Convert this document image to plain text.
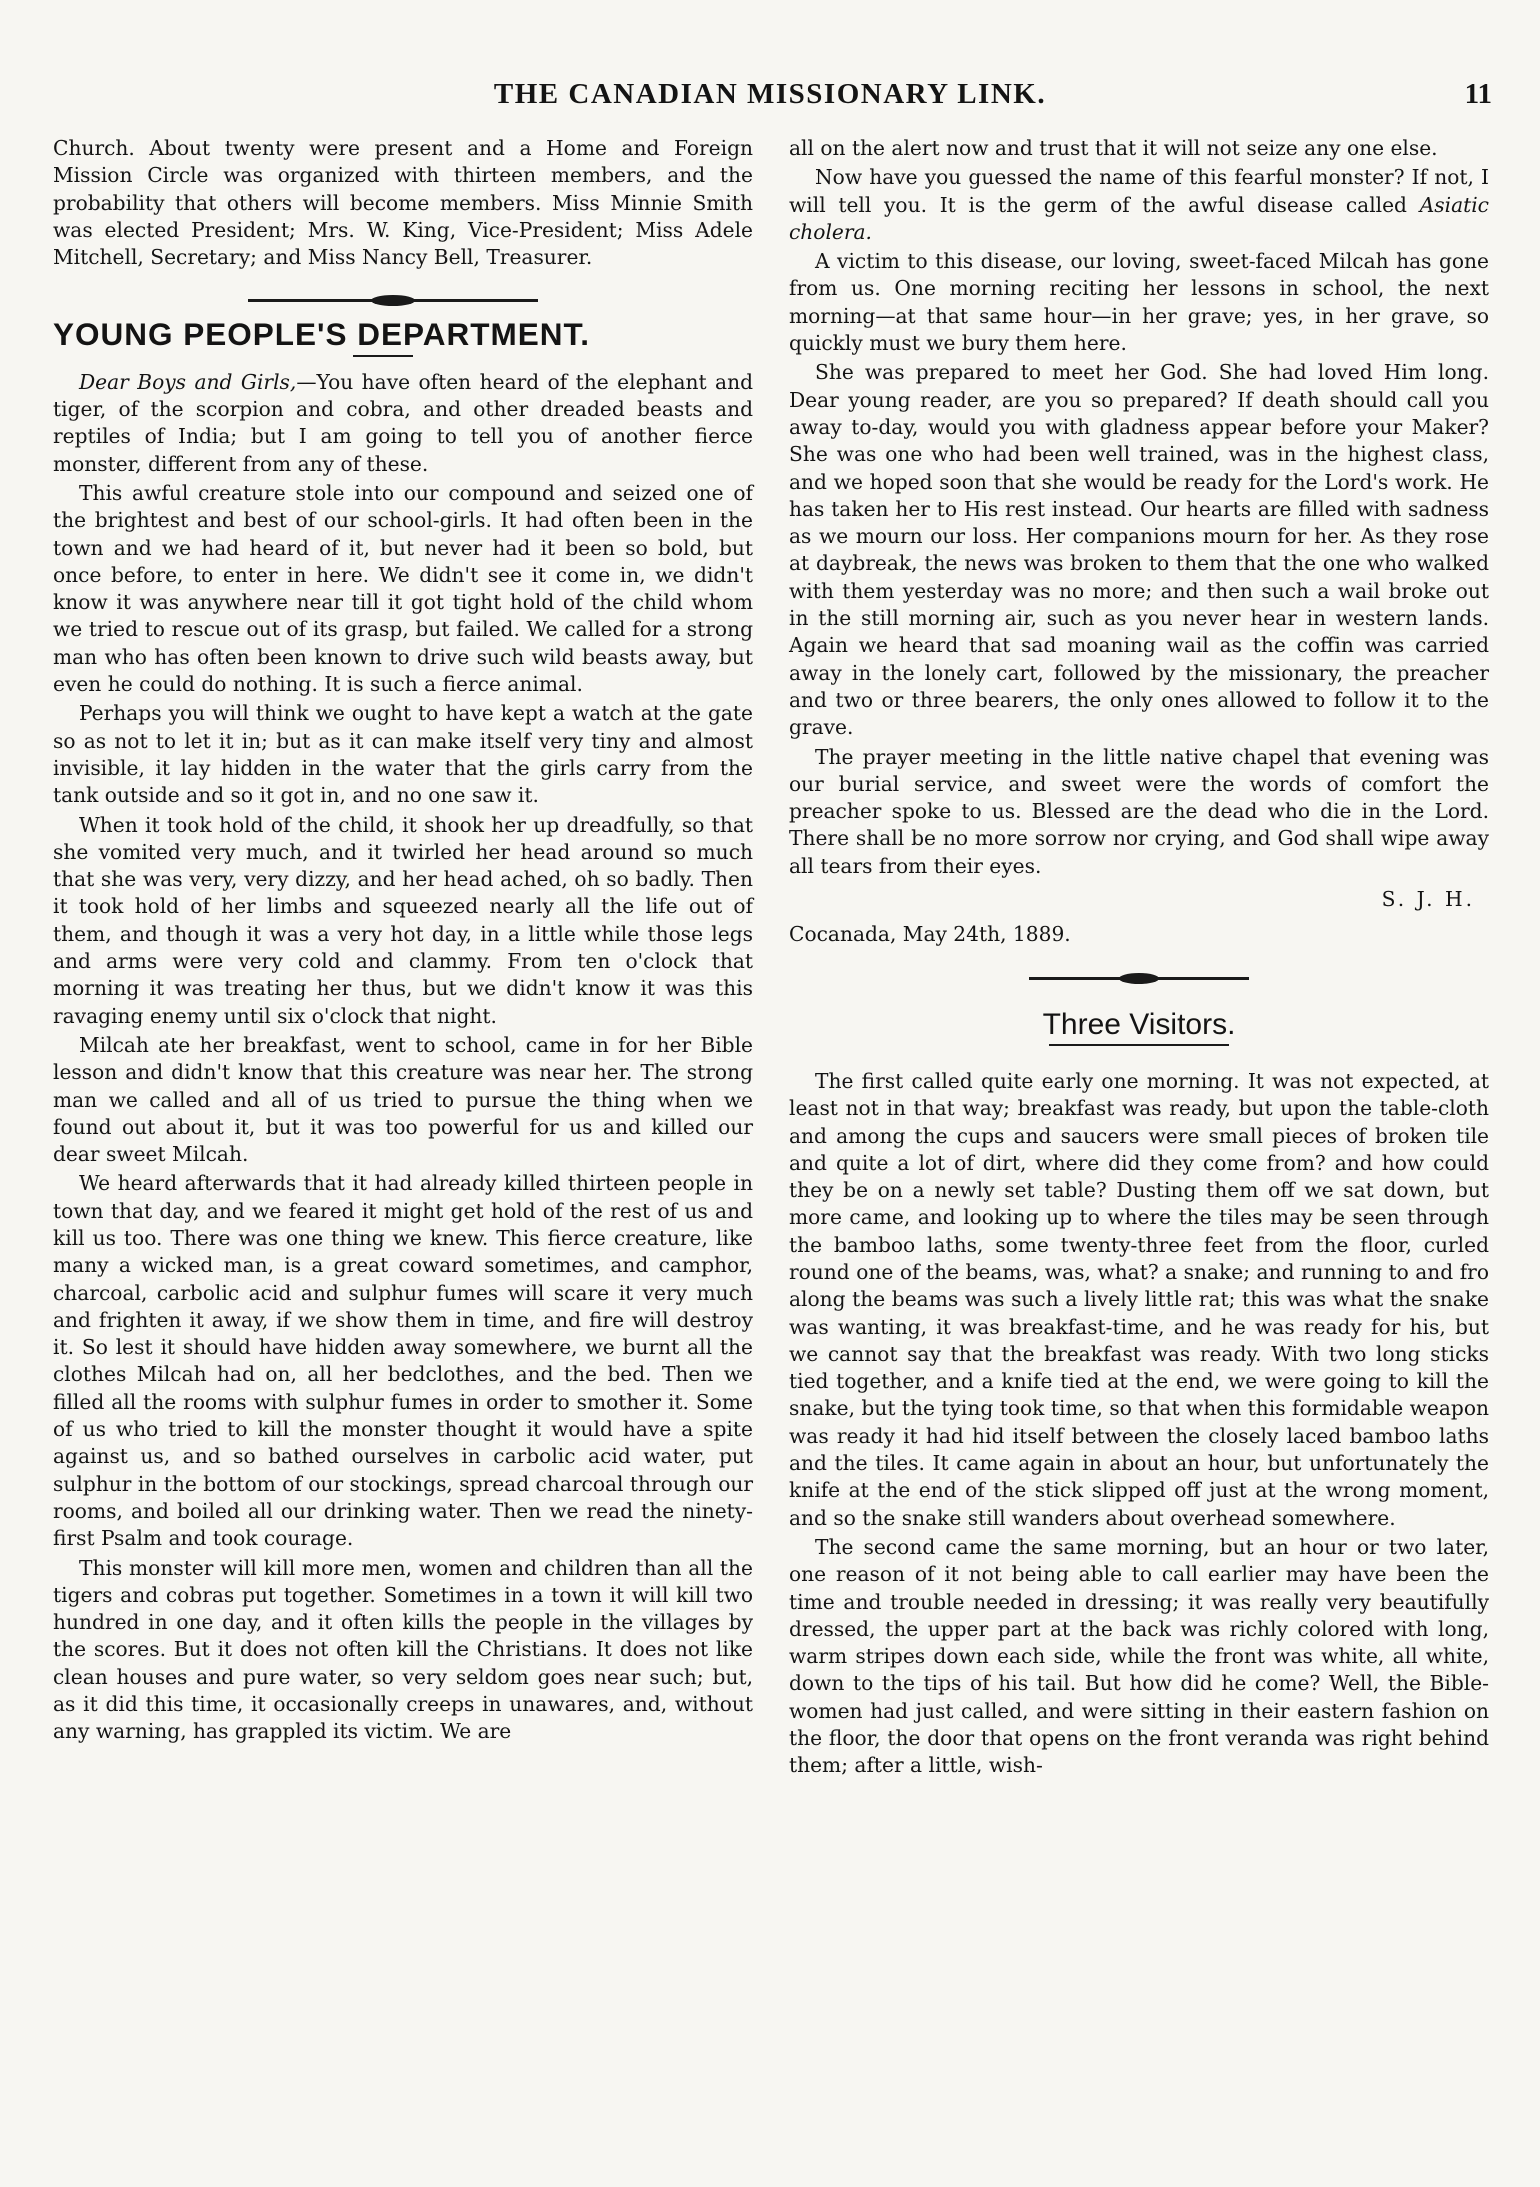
THE CANADIAN MISSIONARY LINK.	11

Church. About twenty were present and a Home and Foreign Mission Circle was organized with thirteen members, and the probability that others will become members. Miss Minnie Smith was elected President; Mrs. W. King, Vice-President; Miss Adele Mitchell, Secretary; and Miss Nancy Bell, Treasurer.

YOUNG PEOPLE'S DEPARTMENT.

Dear Boys and Girls,—You have often heard of the elephant and tiger, of the scorpion and cobra, and other dreaded beasts and reptiles of India; but I am going to tell you of another fierce monster, different from any of these.

This awful creature stole into our compound and seized one of the brightest and best of our school-girls. It had often been in the town and we had heard of it, but never had it been so bold, but once before, to enter in here. We didn't see it come in, we didn't know it was anywhere near till it got tight hold of the child whom we tried to rescue out of its grasp, but failed. We called for a strong man who has often been known to drive such wild beasts away, but even he could do nothing. It is such a fierce animal.

Perhaps you will think we ought to have kept a watch at the gate so as not to let it in; but as it can make itself very tiny and almost invisible, it lay hidden in the water that the girls carry from the tank outside and so it got in, and no one saw it.

When it took hold of the child, it shook her up dreadfully, so that she vomited very much, and it twirled her head around so much that she was very, very dizzy, and her head ached, oh so badly. Then it took hold of her limbs and squeezed nearly all the life out of them, and though it was a very hot day, in a little while those legs and arms were very cold and clammy. From ten o'clock that morning it was treating her thus, but we didn't know it was this ravaging enemy until six o'clock that night.

Milcah ate her breakfast, went to school, came in for her Bible lesson and didn't know that this creature was near her. The strong man we called and all of us tried to pursue the thing when we found out about it, but it was too powerful for us and killed our dear sweet Milcah.

We heard afterwards that it had already killed thirteen people in town that day, and we feared it might get hold of the rest of us and kill us too. There was one thing we knew. This fierce creature, like many a wicked man, is a great coward sometimes, and camphor, charcoal, carbolic acid and sulphur fumes will scare it very much and frighten it away, if we show them in time, and fire will destroy it. So lest it should have hidden away somewhere, we burnt all the clothes Milcah had on, all her bedclothes, and the bed. Then we filled all the rooms with sulphur fumes in order to smother it. Some of us who tried to kill the monster thought it would have a spite against us, and so bathed ourselves in carbolic acid water, put sulphur in the bottom of our stockings, spread charcoal through our rooms, and boiled all our drinking water. Then we read the ninety-first Psalm and took courage.

This monster will kill more men, women and children than all the tigers and cobras put together. Sometimes in a town it will kill two hundred in one day, and it often kills the people in the villages by the scores. But it does not often kill the Christians. It does not like clean houses and pure water, so very seldom goes near such; but, as it did this time, it occasionally creeps in unawares, and, without any warning, has grappled its victim. We are

all on the alert now and trust that it will not seize any one else.

Now have you guessed the name of this fearful monster? If not, I will tell you. It is the germ of the awful disease called Asiatic cholera.

A victim to this disease, our loving, sweet-faced Milcah has gone from us. One morning reciting her lessons in school, the next morning—at that same hour—in her grave; yes, in her grave, so quickly must we bury them here.

She was prepared to meet her God. She had loved Him long. Dear young reader, are you so prepared? If death should call you away to-day, would you with gladness appear before your Maker? She was one who had been well trained, was in the highest class, and we hoped soon that she would be ready for the Lord's work. He has taken her to His rest instead. Our hearts are filled with sadness as we mourn our loss. Her companions mourn for her. As they rose at daybreak, the news was broken to them that the one who walked with them yesterday was no more; and then such a wail broke out in the still morning air, such as you never hear in western lands. Again we heard that sad moaning wail as the coffin was carried away in the lonely cart, followed by the missionary, the preacher and two or three bearers, the only ones allowed to follow it to the grave.

The prayer meeting in the little native chapel that evening was our burial service, and sweet were the words of comfort the preacher spoke to us. Blessed are the dead who die in the Lord. There shall be no more sorrow nor crying, and God shall wipe away all tears from their eyes.

S. J. H.
Cocanada, May 24th, 1889.
Three Visitors.

The first called quite early one morning. It was not expected, at least not in that way; breakfast was ready, but upon the table-cloth and among the cups and saucers were small pieces of broken tile and quite a lot of dirt, where did they come from? and how could they be on a newly set table? Dusting them off we sat down, but more came, and looking up to where the tiles may be seen through the bamboo laths, some twenty-three feet from the floor, curled round one of the beams, was, what? a snake; and running to and fro along the beams was such a lively little rat; this was what the snake was wanting, it was breakfast-time, and he was ready for his, but we cannot say that the breakfast was ready. With two long sticks tied together, and a knife tied at the end, we were going to kill the snake, but the tying took time, so that when this formidable weapon was ready it had hid itself between the closely laced bamboo laths and the tiles. It came again in about an hour, but unfortunately the knife at the end of the stick slipped off just at the wrong moment, and so the snake still wanders about overhead somewhere.

The second came the same morning, but an hour or two later, one reason of it not being able to call earlier may have been the time and trouble needed in dressing; it was really very beautifully dressed, the upper part at the back was richly colored with long, warm stripes down each side, while the front was white, all white, down to the tips of his tail. But how did he come? Well, the Bible-women had just called, and were sitting in their eastern fashion on the floor, the door that opens on the front veranda was right behind them; after a little, wish-
